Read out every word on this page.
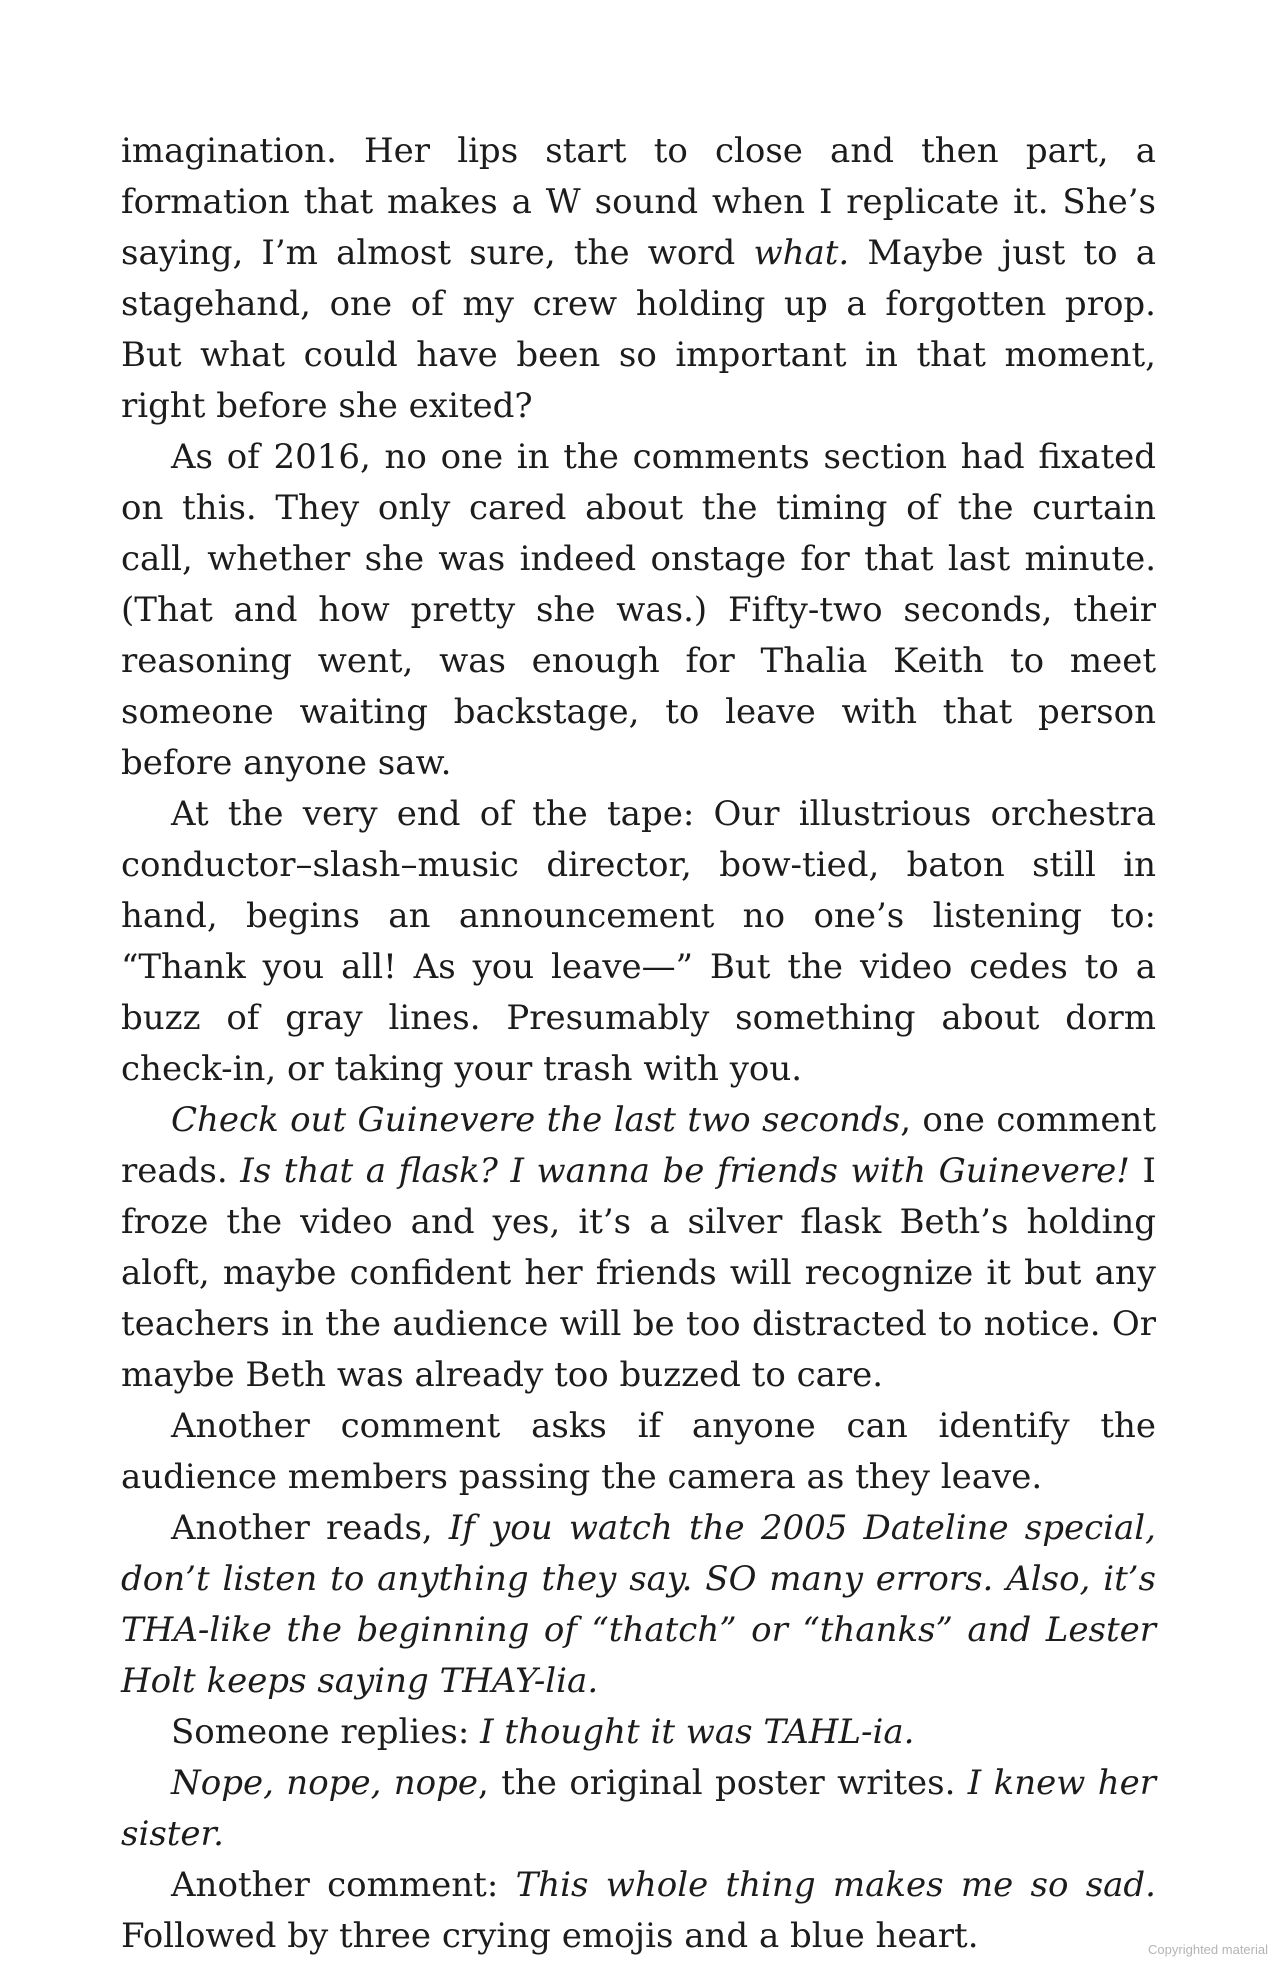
imagination. Her lips start to close and then part, a formation that makes a W sound when I replicate it. She’s saying, I’m almost sure, the word what. Maybe just to a stagehand, one of my crew holding up a forgotten prop. But what could have been so important in that moment, right before she exited?

As of 2016, no one in the comments section had fixated on this. They only cared about the timing of the curtain call, whether she was indeed onstage for that last minute. (That and how pretty she was.) Fifty-two seconds, their reasoning went, was enough for Thalia Keith to meet someone waiting backstage, to leave with that person before anyone saw.

At the very end of the tape: Our illustrious orchestra conductor–slash–music director, bow-tied, baton still in hand, begins an announcement no one’s listening to: “Thank you all! As you leave—” But the video cedes to a buzz of gray lines. Presumably something about dorm check-in, or taking your trash with you.

Check out Guinevere the last two seconds, one comment reads. Is that a flask? I wanna be friends with Guinevere! I froze the video and yes, it’s a silver flask Beth’s holding aloft, maybe confident her friends will recognize it but any teachers in the audience will be too distracted to notice. Or maybe Beth was already too buzzed to care.

Another comment asks if anyone can identify the audience members passing the camera as they leave.

Another reads, If you watch the 2005 Dateline special, don’t listen to anything they say. SO many errors. Also, it’s THA-like the beginning of “thatch” or “thanks” and Lester Holt keeps saying THAY-lia.

Someone replies: I thought it was TAHL-ia.

Nope, nope, nope, the original poster writes. I knew her sister.

Another comment: This whole thing makes me so sad. Followed by three crying emojis and a blue heart.	Copyrighted material
